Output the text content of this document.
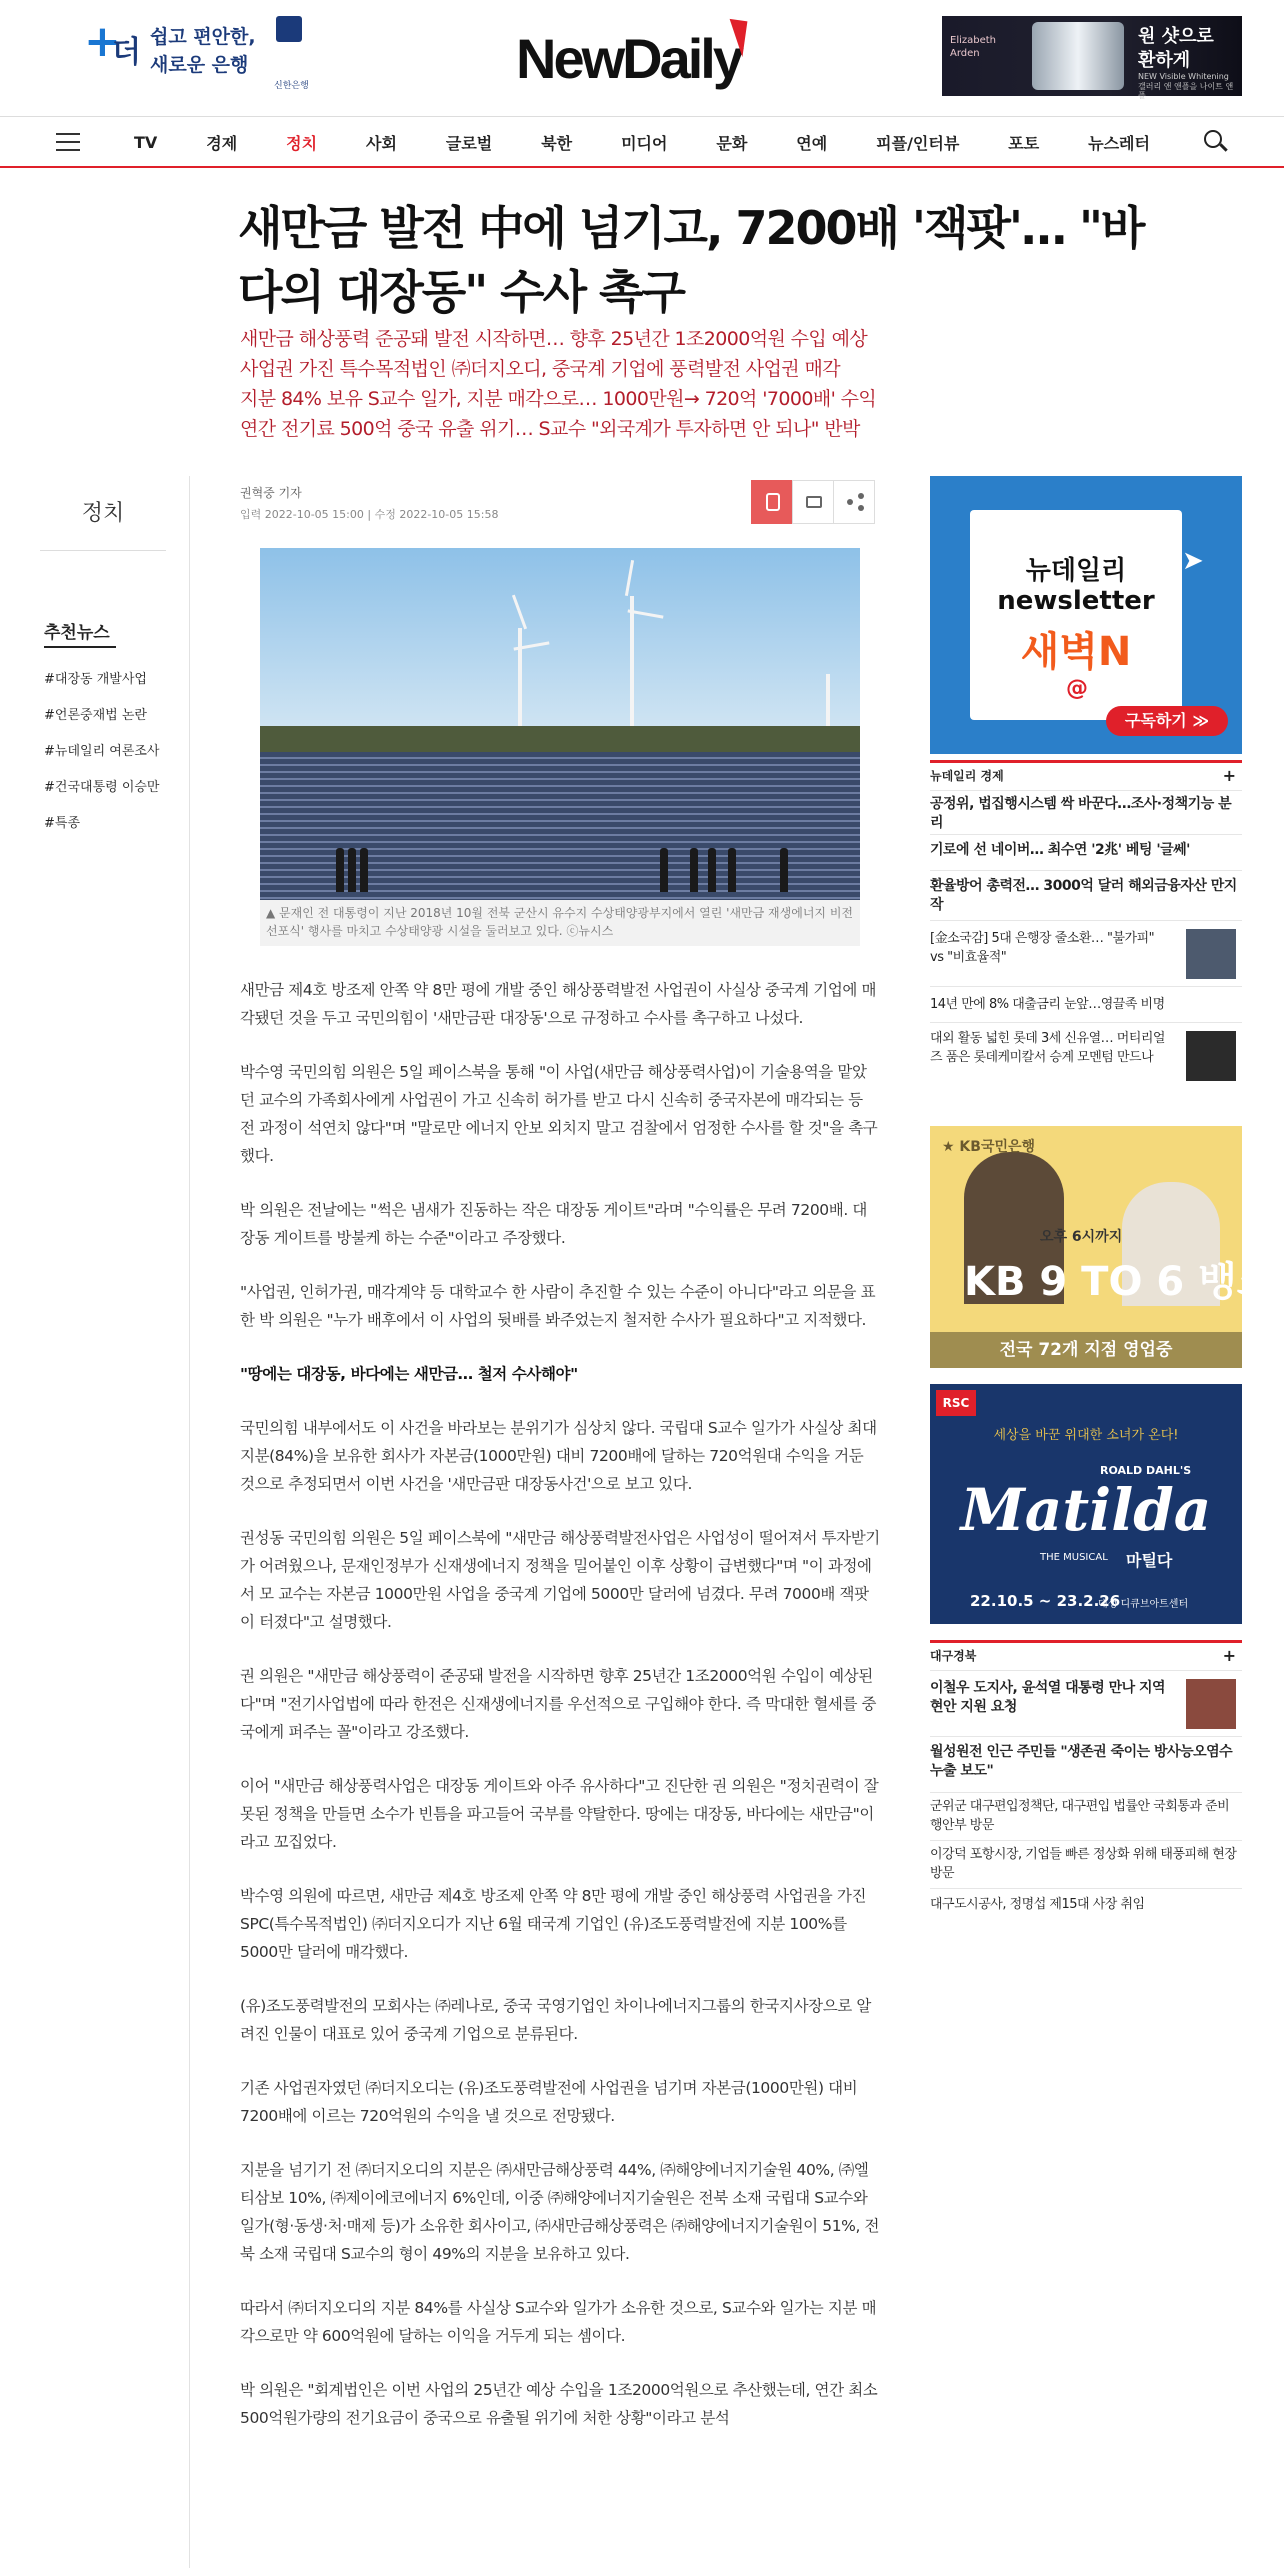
+
더 쉽고 편안한,
새로운 은행
신한은행	NewDaily	Elizabeth Arden
원 샷으로
환하게
NEW Visible Whitening 갤러리 앤 앤플을 나이트 앤플
TV	경제	정치	사회	글로벌	북한	미디어	문화	연예	피플/인터뷰	포토	뉴스레터
새만금 발전 中에 넘기고, 7200배 '잭팟'… "바다의 대장동" 수사 촉구
새만금 해상풍력 준공돼 발전 시작하면… 향후 25년간 1조2000억원 수입 예상
사업권 가진 특수목적법인 ㈜더지오디, 중국계 기업에 풍력발전 사업권 매각
지분 84% 보유 S교수 일가, 지분 매각으로… 1000만원→ 720억 '7000배' 수익
연간 전기료 500억 중국 유출 위기… S교수 "외국계가 투자하면 안 되나" 반박
정치
추천뉴스
#대장동 개발사업
#언론중재법 논란
#뉴데일리 여론조사
#건국대통령 이승만
#특종
권혁중 기자
입력 2022-10-05 15:00 | 수정 2022-10-05 15:58
▲ 문재인 전 대통령이 지난 2018년 10월 전북 군산시 유수지 수상태양광부지에서 열린 '새만금 재생에너지 비전 선포식' 행사를 마치고 수상태양광 시설을 둘러보고 있다. ⓒ뉴시스

새만금 제4호 방조제 안쪽 약 8만 평에 개발 중인 해상풍력발전 사업권이 사실상 중국계 기업에 매각됐던 것을 두고 국민의힘이 '새만금판 대장동'으로 규정하고 수사를 촉구하고 나섰다.

박수영 국민의힘 의원은 5일 페이스북을 통해 "이 사업(새만금 해상풍력사업)이 기술용역을 맡았던 교수의 가족회사에게 사업권이 가고 신속히 허가를 받고 다시 신속히 중국자본에 매각되는 등 전 과정이 석연치 않다"며 "말로만 에너지 안보 외치지 말고 검찰에서 엄정한 수사를 할 것"을 촉구했다.

박 의원은 전날에는 "썩은 냄새가 진동하는 작은 대장동 게이트"라며 "수익률은 무려 7200배. 대장동 게이트를 방불케 하는 수준"이라고 주장했다.

"사업권, 인허가권, 매각계약 등 대학교수 한 사람이 추진할 수 있는 수준이 아니다"라고 의문을 표한 박 의원은 "누가 배후에서 이 사업의 뒷배를 봐주었는지 철저한 수사가 필요하다"고 지적했다.

"땅에는 대장동, 바다에는 새만금… 철저 수사해야"

국민의힘 내부에서도 이 사건을 바라보는 분위기가 심상치 않다. 국립대 S교수 일가가 사실상 최대 지분(84%)을 보유한 회사가 자본금(1000만원) 대비 7200배에 달하는 720억원대 수익을 거둔 것으로 추정되면서 이번 사건을 '새만금판 대장동사건'으로 보고 있다.

권성동 국민의힘 의원은 5일 페이스북에 "새만금 해상풍력발전사업은 사업성이 떨어져서 투자받기가 어려웠으나, 문재인정부가 신재생에너지 정책을 밀어붙인 이후 상황이 급변했다"며 "이 과정에서 모 교수는 자본금 1000만원 사업을 중국계 기업에 5000만 달러에 넘겼다. 무려 7000배 잭팟이 터졌다"고 설명했다.

권 의원은 "새만금 해상풍력이 준공돼 발전을 시작하면 향후 25년간 1조2000억원 수입이 예상된다"며 "전기사업법에 따라 한전은 신재생에너지를 우선적으로 구입해야 한다. 즉 막대한 혈세를 중국에게 퍼주는 꼴"이라고 강조했다.

이어 "새만금 해상풍력사업은 대장동 게이트와 아주 유사하다"고 진단한 권 의원은 "정치권력이 잘못된 정책을 만들면 소수가 빈틈을 파고들어 국부를 약탈한다. 땅에는 대장동, 바다에는 새만금"이라고 꼬집었다.

박수영 의원에 따르면, 새만금 제4호 방조제 안쪽 약 8만 평에 개발 중인 해상풍력 사업권을 가진 SPC(특수목적법인) ㈜더지오디가 지난 6월 태국계 기업인 (유)조도풍력발전에 지분 100%를 5000만 달러에 매각했다.

(유)조도풍력발전의 모회사는 ㈜레나로, 중국 국영기업인 차이나에너지그룹의 한국지사장으로 알려진 인물이 대표로 있어 중국계 기업으로 분류된다.

기존 사업권자였던 ㈜더지오디는 (유)조도풍력발전에 사업권을 넘기며 자본금(1000만원) 대비 7200배에 이르는 720억원의 수익을 낼 것으로 전망됐다.

지분을 넘기기 전 ㈜더지오디의 지분은 ㈜새만금해상풍력 44%, ㈜해양에너지기술원 40%, ㈜엘티삼보 10%, ㈜제이에코에너지 6%인데, 이중 ㈜해양에너지기술원은 전북 소재 국립대 S교수와 일가(형·동생·처·매제 등)가 소유한 회사이고, ㈜새만금해상풍력은 ㈜해양에너지기술원이 51%, 전북 소재 국립대 S교수의 형이 49%의 지분을 보유하고 있다.

따라서 ㈜더지오디의 지분 84%를 사실상 S교수와 일가가 소유한 것으로, S교수와 일가는 지분 매각으로만 약 600억원에 달하는 이익을 거두게 되는 셈이다.

박 의원은 "회계법인은 이번 사업의 25년간 예상 수입을 1조2000억원으로 추산했는데, 연간 최소 500억원가량의 전기요금이 중국으로 유출될 위기에 처한 상황"이라고 분석

뉴데일리
newsletter
새벽N
@
➤
구독하기 ≫
뉴데일리 경제	+
공정위, 법집행시스템 싹 바꾼다…조사·정책기능 분리
기로에 선 네이버… 최수연 '2兆' 베팅 '글쎄'
환율방어 총력전… 3000억 달러 해외금융자산 만지작
[金소국감] 5대 은행장 줄소환… "불가피" vs "비효율적"
14년 만에 8% 대출금리 눈앞…영끌족 비명
대외 활동 넓힌 롯데 3세 신유열… 머티리얼즈 품은 롯데케미칼서 승계 모멘텀 만드나
★ KB국민은행
오후 6시까지
KB 9 TO 6 뱅크
전국 72개 지점 영업중
RSC
세상을 바꾼 위대한 소녀가 온다!
Matilda
ROALD DAHL'S
THE MUSICAL 마틸다
22.10.5 ~ 23.2.26
대성 디큐브아트센터
대구경북	+
이철우 도지사, 윤석열 대통령 만나 지역현안 지원 요청
월성원전 인근 주민들 "생존권 죽이는 방사능오염수 누출 보도"
군위군 대구편입정책단, 대구편입 법률안 국회통과 준비 행안부 방문
이강덕 포항시장, 기업들 빠른 정상화 위해 태풍피해 현장방문
대구도시공사, 정명섭 제15대 사장 취임
